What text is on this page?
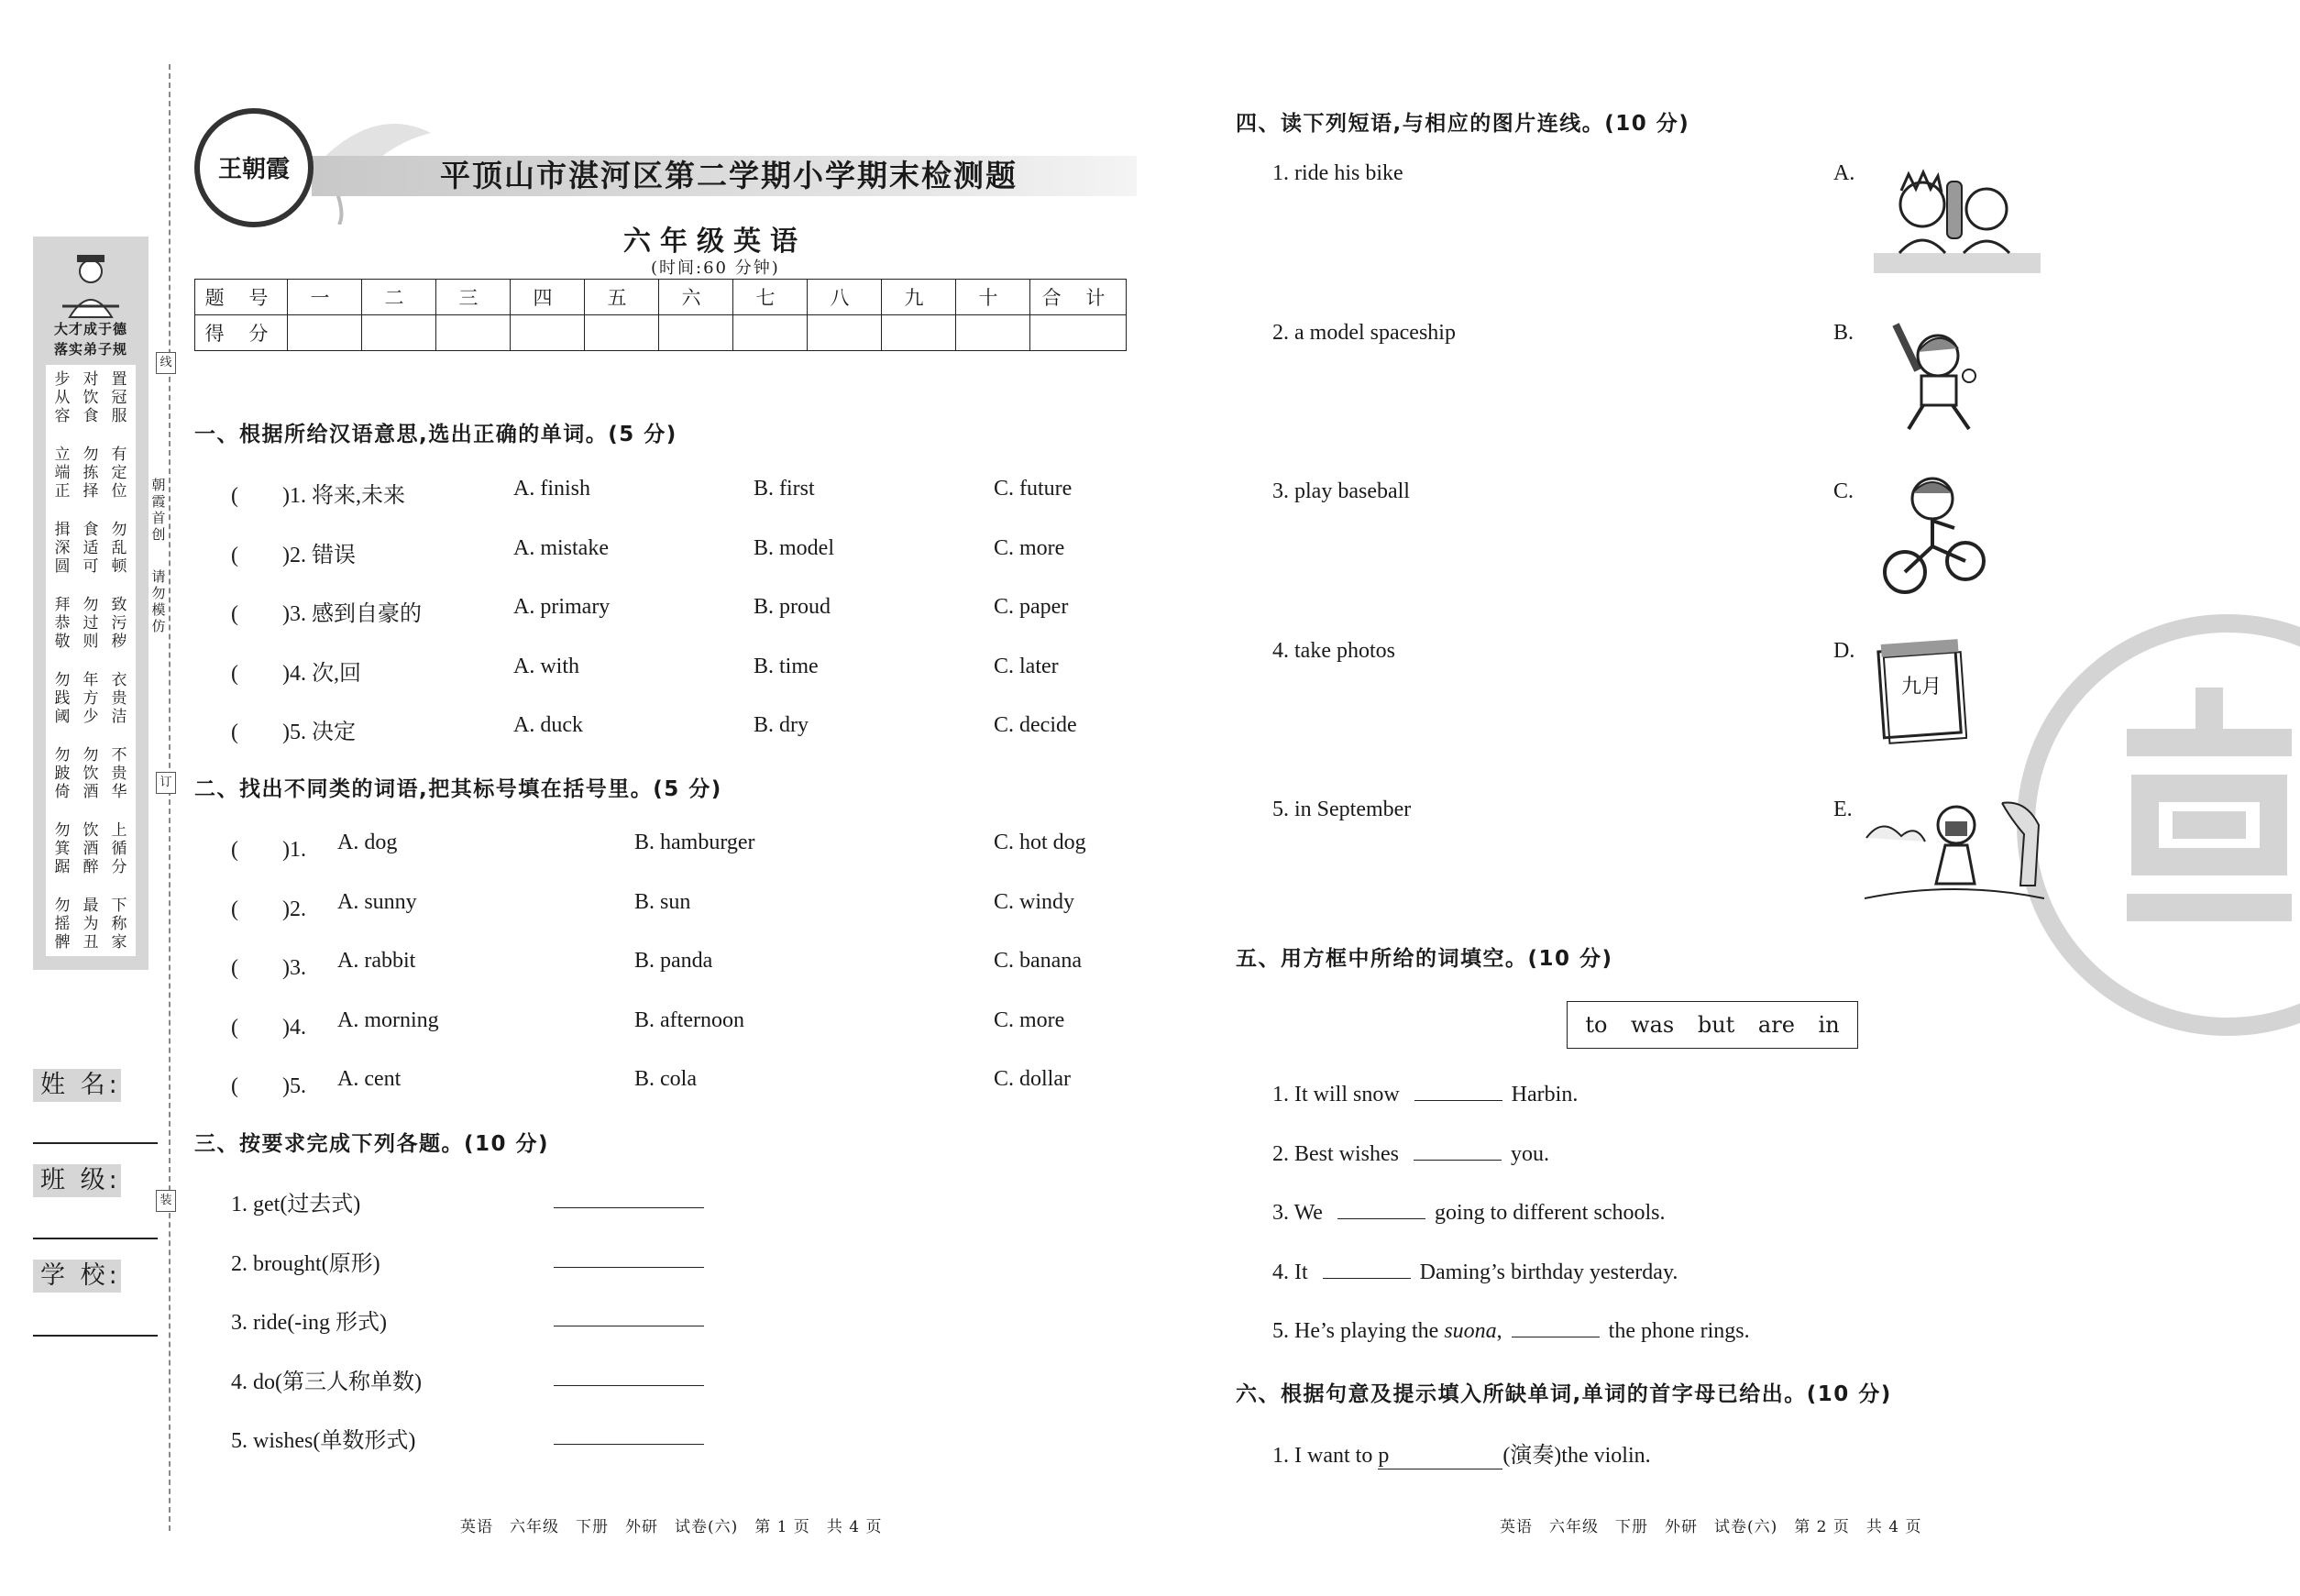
线
订
装
朝霞首创
请勿模仿
大才成于德
落实弟子规
步
从
容
对
饮
食
置
冠
服
立
端
正
勿
拣
择
有
定
位
揖
深
圆
食
适
可
勿
乱
顿
拜
恭
敬
勿
过
则
致
污
秽
勿
践
阈
年
方
少
衣
贵
洁
勿
跛
倚
勿
饮
酒
不
贵
华
勿
箕
踞
饮
酒
醉
上
循
分
勿
摇
髀
最
为
丑
下
称
家
姓 名:
班 级:
学 校:
王朝霞	平顶山市湛河区第二学期小学期末检测题
六年级英语
(时间:60 分钟)
题 号	一	二	三	四	五	六	七	八	九	十	合 计
得 分											
一、根据所给汉语意思,选出正确的单词。(5 分)
(　　)1. 将来,未来	A. finish	B. first	C. future
(　　)2. 错误	A. mistake	B. model	C. more
(　　)3. 感到自豪的	A. primary	B. proud	C. paper
(　　)4. 次,回	A. with	B. time	C. later
(　　)5. 决定	A. duck	B. dry	C. decide
二、找出不同类的词语,把其标号填在括号里。(5 分)
(　　)1. A. dog	B. hamburger	C. hot dog
(　　)2. A. sunny	B. sun	C. windy
(　　)3. A. rabbit	B. panda	C. banana
(　　)4. A. morning	B. afternoon	C. more
(　　)5. A. cent	B. cola	C. dollar
三、按要求完成下列各题。(10 分)
1. get(过去式)
2. brought(原形)
3. ride(-ing 形式)
4. do(第三人称单数)
5. wishes(单数形式)
英语　六年级　下册　外研　试卷(六)　第 1 页　共 4 页
四、读下列短语,与相应的图片连线。(10 分)
1. ride his bike	A.
2. a model spaceship	B.
3. play baseball	C.
4. take photos	D.
5. in September	E.
九月
五、用方框中所给的词填空。(10 分)
to was but are in
1. It will snow	Harbin.
2. Best wishes	you.
3. We	going to different schools.
4. It	Daming’s birthday yesterday.
5. He’s playing the suona,	the phone rings.
六、根据句意及提示填入所缺单词,单词的首字母已给出。(10 分)
1. I want to p	(演奏)the violin.
英语　六年级　下册　外研　试卷(六)　第 2 页　共 4 页
